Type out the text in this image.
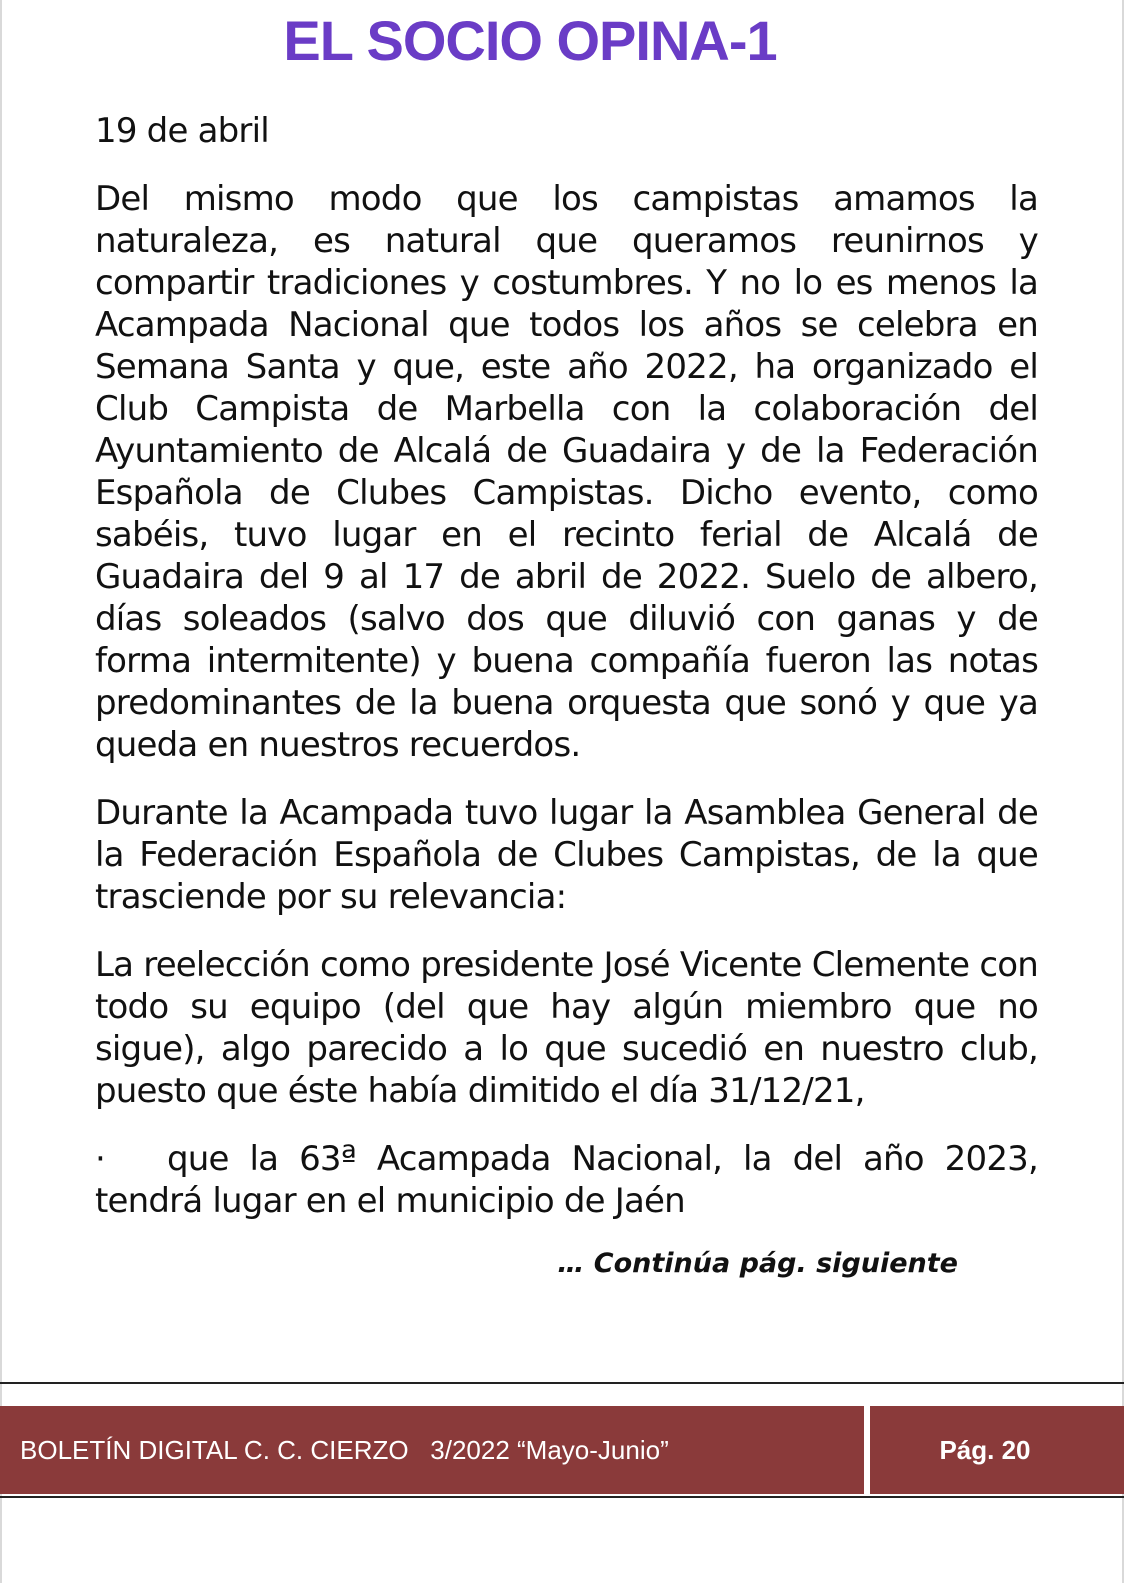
EL SOCIO OPINA-1

19 de abril

Del mismo modo que los campistas amamos la naturaleza, es natural que queramos reunirnos y compartir tradiciones y costumbres. Y no lo es menos la Acampada Nacional que todos los años se celebra en Semana Santa y que, este año 2022, ha organizado el Club Campista de Marbella con la colaboración del Ayuntamiento de Alcalá de Guadaira y de la Federación Española de Clubes Campistas. Dicho evento, como sabéis, tuvo lugar en el recinto ferial de Alcalá de Guadaira del 9 al 17 de abril de 2022. Suelo de albero, días soleados (salvo dos que diluvió con ganas y de forma intermitente) y buena compañía fueron las notas predominantes de la buena orquesta que sonó y que ya queda en nuestros recuerdos.

Durante la Acampada tuvo lugar la Asamblea General de la Federación Española de Clubes Campistas, de la que trasciende por su relevancia:

La reelección como presidente José Vicente Clemente con todo su equipo (del que hay algún miembro que no sigue), algo parecido a lo que sucedió en nuestro club, puesto que éste había dimitido el día 31/12/21,

· que la 63ª Acampada Nacional, la del año 2023, tendrá lugar en el municipio de Jaén

… Continúa pág. siguiente
BOLETÍN DIGITAL C. C. CIERZO   3/2022 “Mayo-Junio”	Pág. 20
